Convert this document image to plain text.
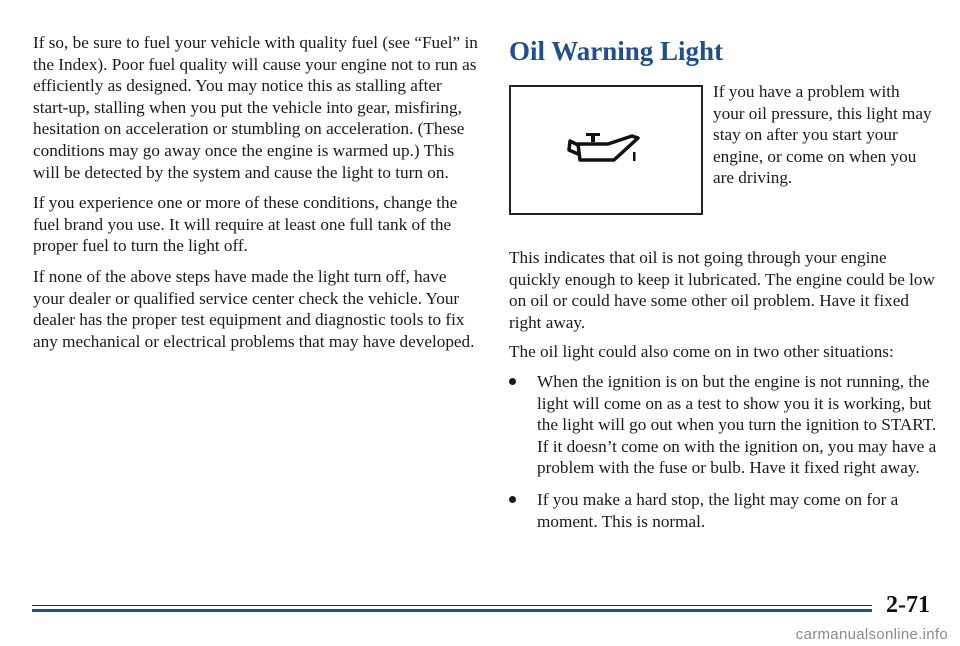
If so, be sure to fuel your vehicle with quality fuel (see “Fuel” in the Index). Poor fuel quality will cause your engine not to run as efficiently as designed. You may notice this as stalling after start-up, stalling when you put the vehicle into gear, misfiring, hesitation on acceleration or stumbling on acceleration. (These conditions may go away once the engine is warmed up.) This will be detected by the system and cause the light to turn on.

If you experience one or more of these conditions, change the fuel brand you use. It will require at least one full tank of the proper fuel to turn the light off.

If none of the above steps have made the light turn off, have your dealer or qualified service center check the vehicle. Your dealer has the proper test equipment and diagnostic tools to fix any mechanical or electrical problems that may have developed.

Oil Warning Light
If you have a problem with your oil pressure, this light may stay on after you start your engine, or come on when you are driving.

This indicates that oil is not going through your engine quickly enough to keep it lubricated. The engine could be low on oil or could have some other oil problem. Have it fixed right away.

The oil light could also come on in two other situations:

When the ignition is on but the engine is not running, the light will come on as a test to show you it is working, but the light will go out when you turn the ignition to START. If it doesn’t come on with the ignition on, you may have a problem with the fuse or bulb. Have it fixed right away.
If you make a hard stop, the light may come on for a moment. This is normal.
2-71
carmanualsonline.info
